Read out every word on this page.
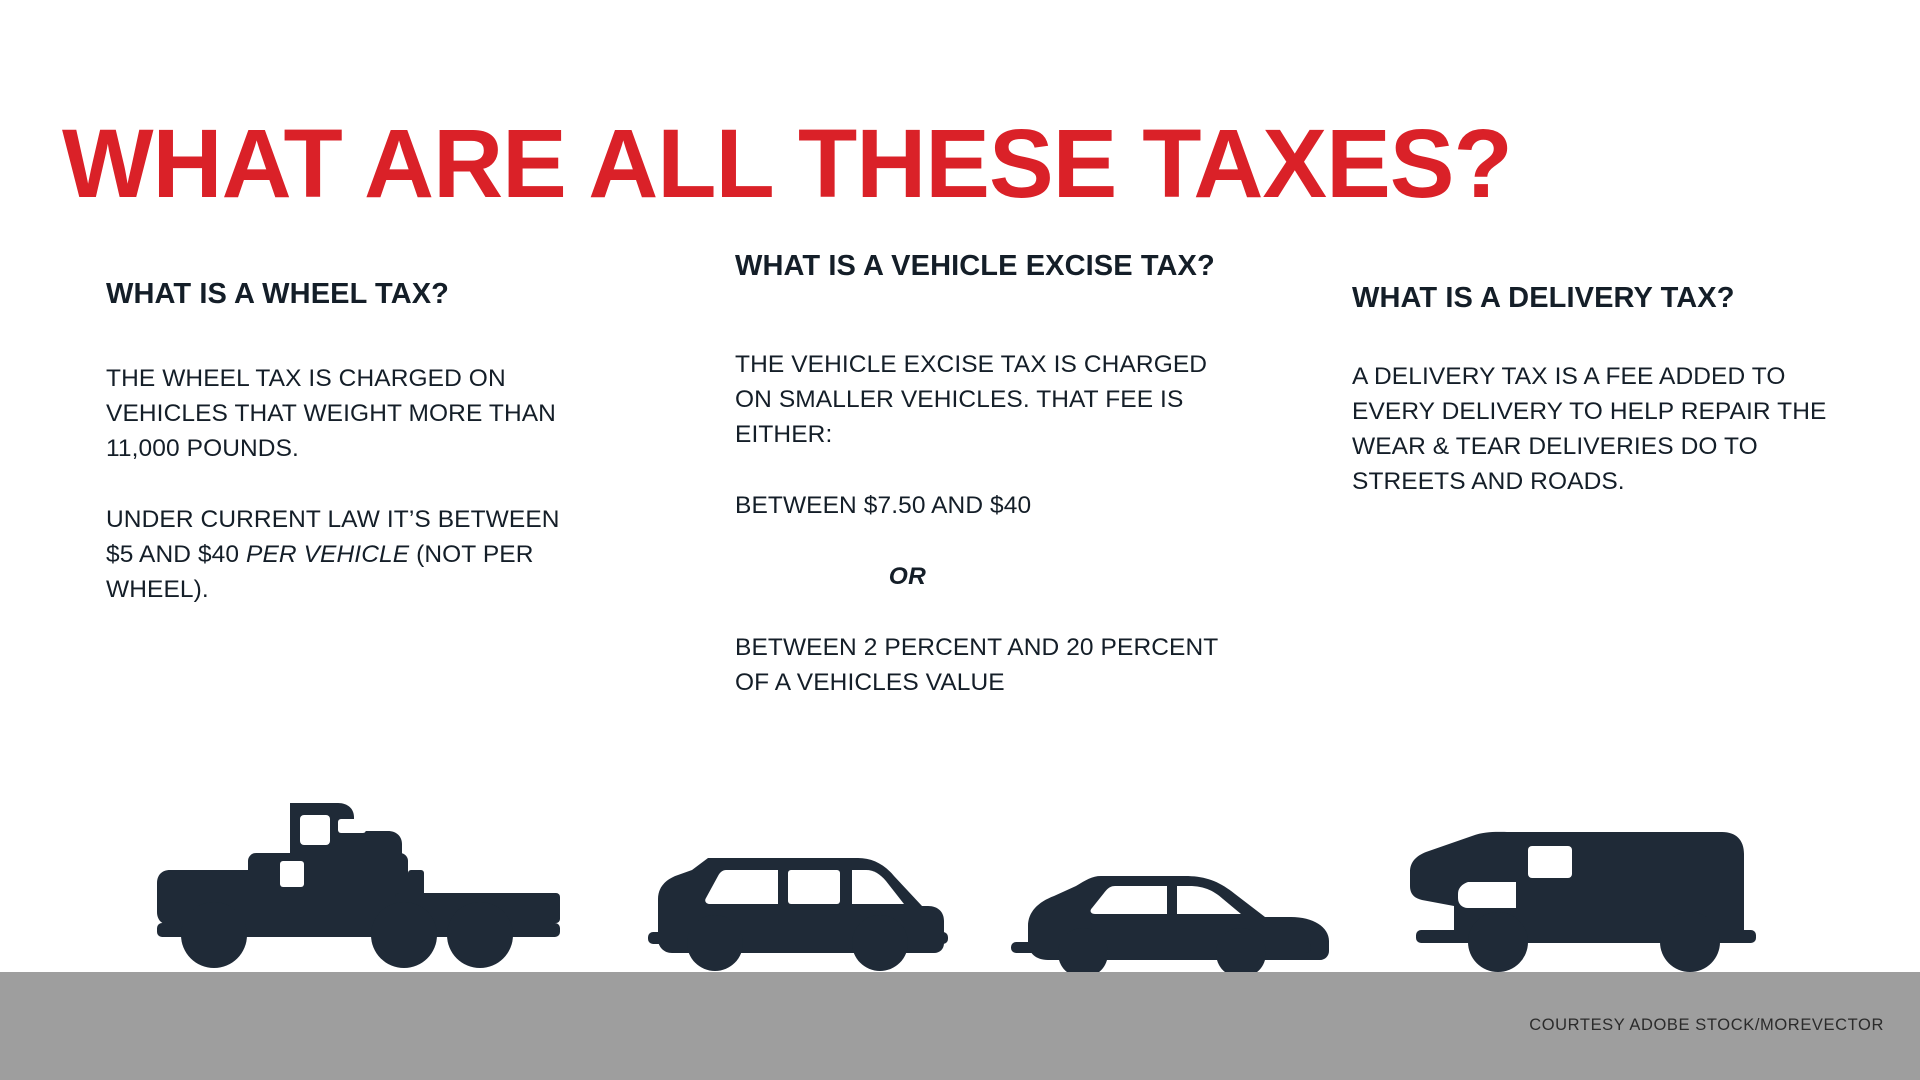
WHAT ARE ALL THESE TAXES?
WHAT IS A WHEEL TAX?

THE WHEEL TAX IS CHARGED ON VEHICLES THAT WEIGHT MORE THAN 11,000 POUNDS.

UNDER CURRENT LAW IT’S BETWEEN $5 AND $40 PER VEHICLE (NOT PER WHEEL).

WHAT IS A VEHICLE EXCISE TAX?

THE VEHICLE EXCISE TAX IS CHARGED ON SMALLER VEHICLES. THAT FEE IS EITHER:

BETWEEN $7.50 AND $40

OR

BETWEEN 2 PERCENT AND 20 PERCENT OF A VEHICLES VALUE

WHAT IS A DELIVERY TAX?

A DELIVERY TAX IS A FEE ADDED TO EVERY DELIVERY TO HELP REPAIR THE WEAR & TEAR DELIVERIES DO TO STREETS AND ROADS.

COURTESY ADOBE STOCK/MOREVECTOR
